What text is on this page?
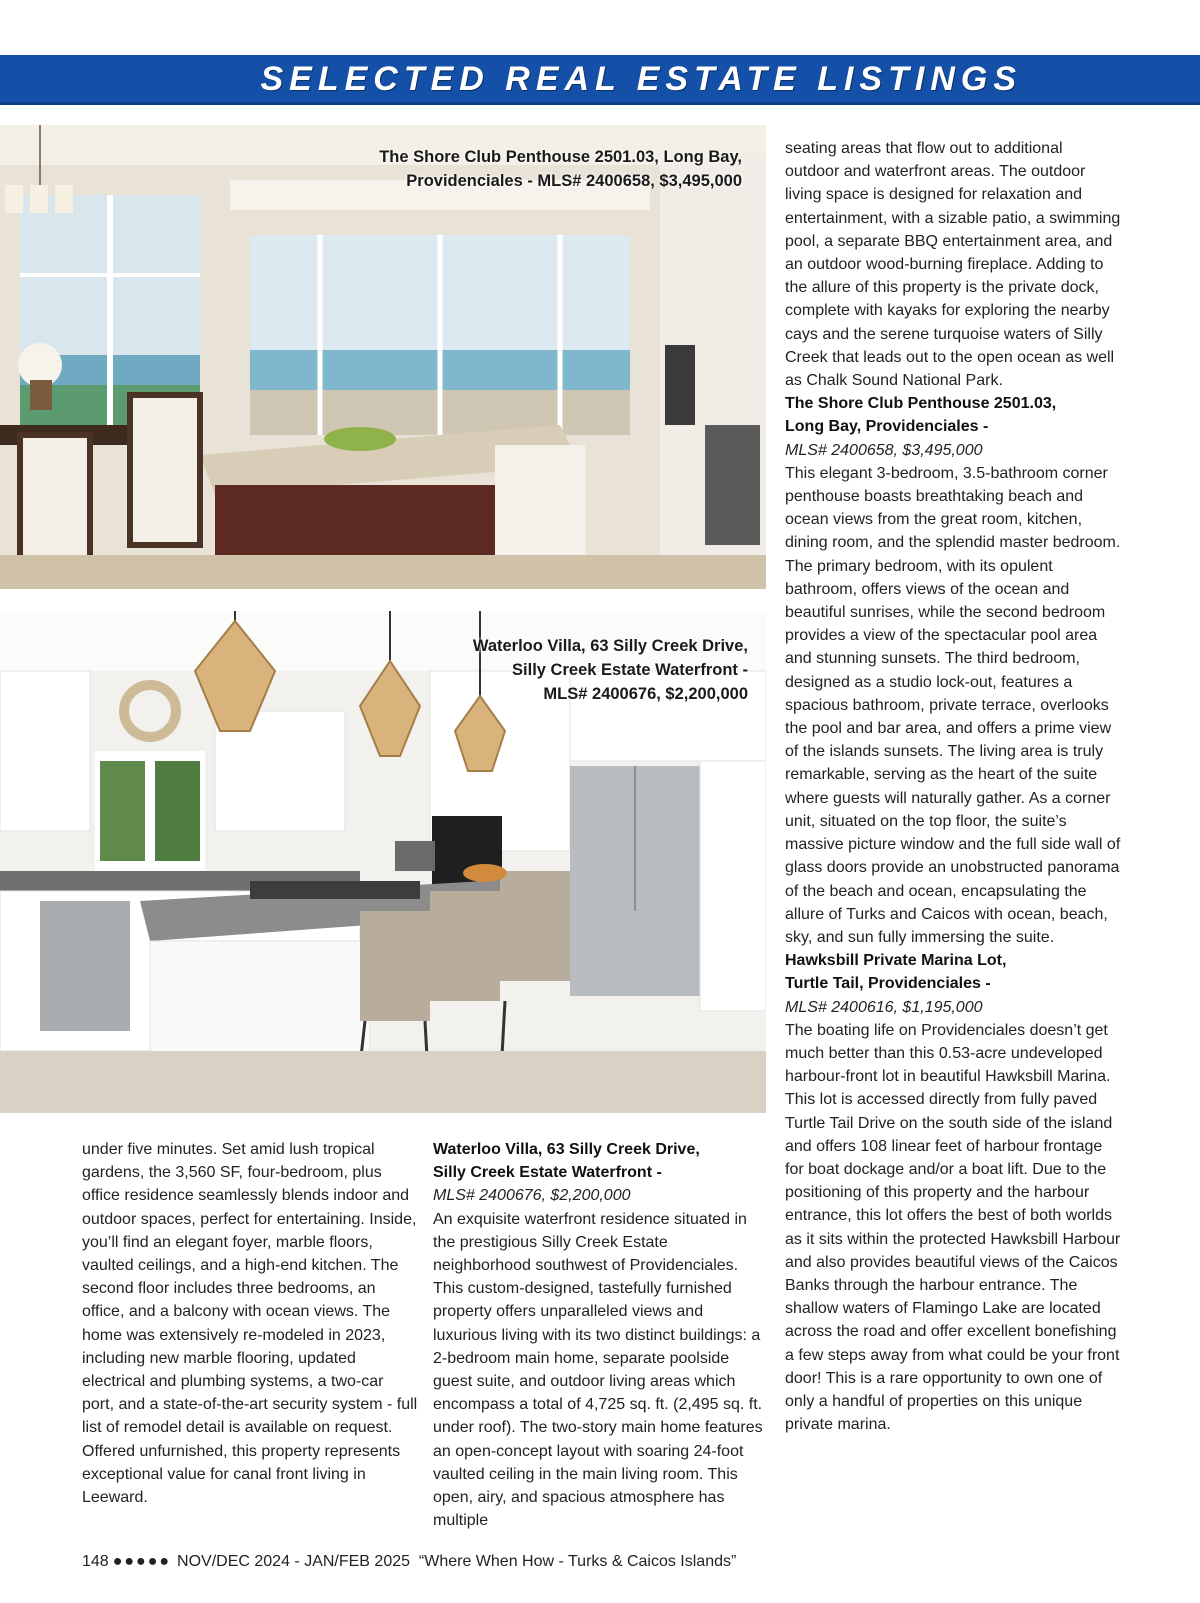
SELECTED REAL ESTATE LISTINGS
The Shore Club Penthouse 2501.03, Long Bay,
Providenciales - MLS# 2400658, $3,495,000
Waterloo Villa, 63 Silly Creek Drive,
Silly Creek Estate Waterfront -
MLS# 2400676, $2,200,000

under five minutes. Set amid lush tropical gardens, the 3,560 SF, four-bedroom, plus office residence seamlessly blends indoor and outdoor spaces, perfect for entertaining. Inside, you’ll find an elegant foyer, marble floors, vaulted ceilings, and a high-end kitchen. The second floor includes three bedrooms, an office, and a balcony with ocean views. The home was extensively re-modeled in 2023, including new marble flooring, updated electrical and plumbing systems, a two-car port, and a state-of-the-art security system - full list of remodel detail is available on request. Offered unfurnished, this property represents exceptional value for canal front living in Leeward.

Waterloo Villa, 63 Silly Creek Drive,
Silly Creek Estate Waterfront -
MLS# 2400676, $2,200,000

An exquisite waterfront residence situated in the prestigious Silly Creek Estate neighborhood southwest of Providenciales. This custom-designed, tastefully furnished property offers unparalleled views and luxurious living with its two distinct buildings: a 2-bedroom main home, separate poolside guest suite, and outdoor living areas which encompass a total of 4,725 sq. ft. (2,495 sq. ft. under roof). The two-story main home features an open-concept layout with soaring 24-foot vaulted ceiling in the main living room. This open, airy, and spacious atmosphere has multiple

seating areas that flow out to additional outdoor and waterfront areas. The outdoor living space is designed for relaxation and entertainment, with a sizable patio, a swimming pool, a separate BBQ entertainment area, and an outdoor wood-burning fireplace. Adding to the allure of this property is the private dock, complete with kayaks for exploring the nearby cays and the serene turquoise waters of Silly Creek that leads out to the open ocean as well as Chalk Sound National Park.

The Shore Club Penthouse 2501.03,
Long Bay, Providenciales -
MLS# 2400658, $3,495,000

This elegant 3-bedroom, 3.5-bathroom corner penthouse boasts breathtaking beach and ocean views from the great room, kitchen, dining room, and the splendid master bedroom. The primary bedroom, with its opulent bathroom, offers views of the ocean and beautiful sunrises, while the second bedroom provides a view of the spectacular pool area and stunning sunsets. The third bedroom, designed as a studio lock-out, features a spacious bathroom, private terrace, overlooks the pool and bar area, and offers a prime view of the islands sunsets. The living area is truly remarkable, serving as the heart of the suite where guests will naturally gather. As a corner unit, situated on the top floor, the suite’s massive picture window and the full side wall of glass doors provide an unobstructed panorama of the beach and ocean, encapsulating the allure of Turks and Caicos with ocean, beach, sky, and sun fully immersing the suite.

Hawksbill Private Marina Lot,
Turtle Tail, Providenciales -
MLS# 2400616, $1,195,000

The boating life on Providenciales doesn’t get much better than this 0.53-acre undeveloped harbour-front lot in beautiful Hawksbill Marina. This lot is accessed directly from fully paved Turtle Tail Drive on the south side of the island and offers 108 linear feet of harbour frontage for boat dockage and/or a boat lift. Due to the positioning of this property and the harbour entrance, this lot offers the best of both worlds as it sits within the protected Hawksbill Harbour and also provides beautiful views of the Caicos Banks through the harbour entrance. The shallow waters of Flamingo Lake are located across the road and offer excellent bonefishing a few steps away from what could be your front door! This is a rare opportunity to own one of only a handful of properties on this unique private marina.

148 ●●●●● NOV/DEC 2024 - JAN/FEB 2025 “Where When How - Turks & Caicos Islands”
